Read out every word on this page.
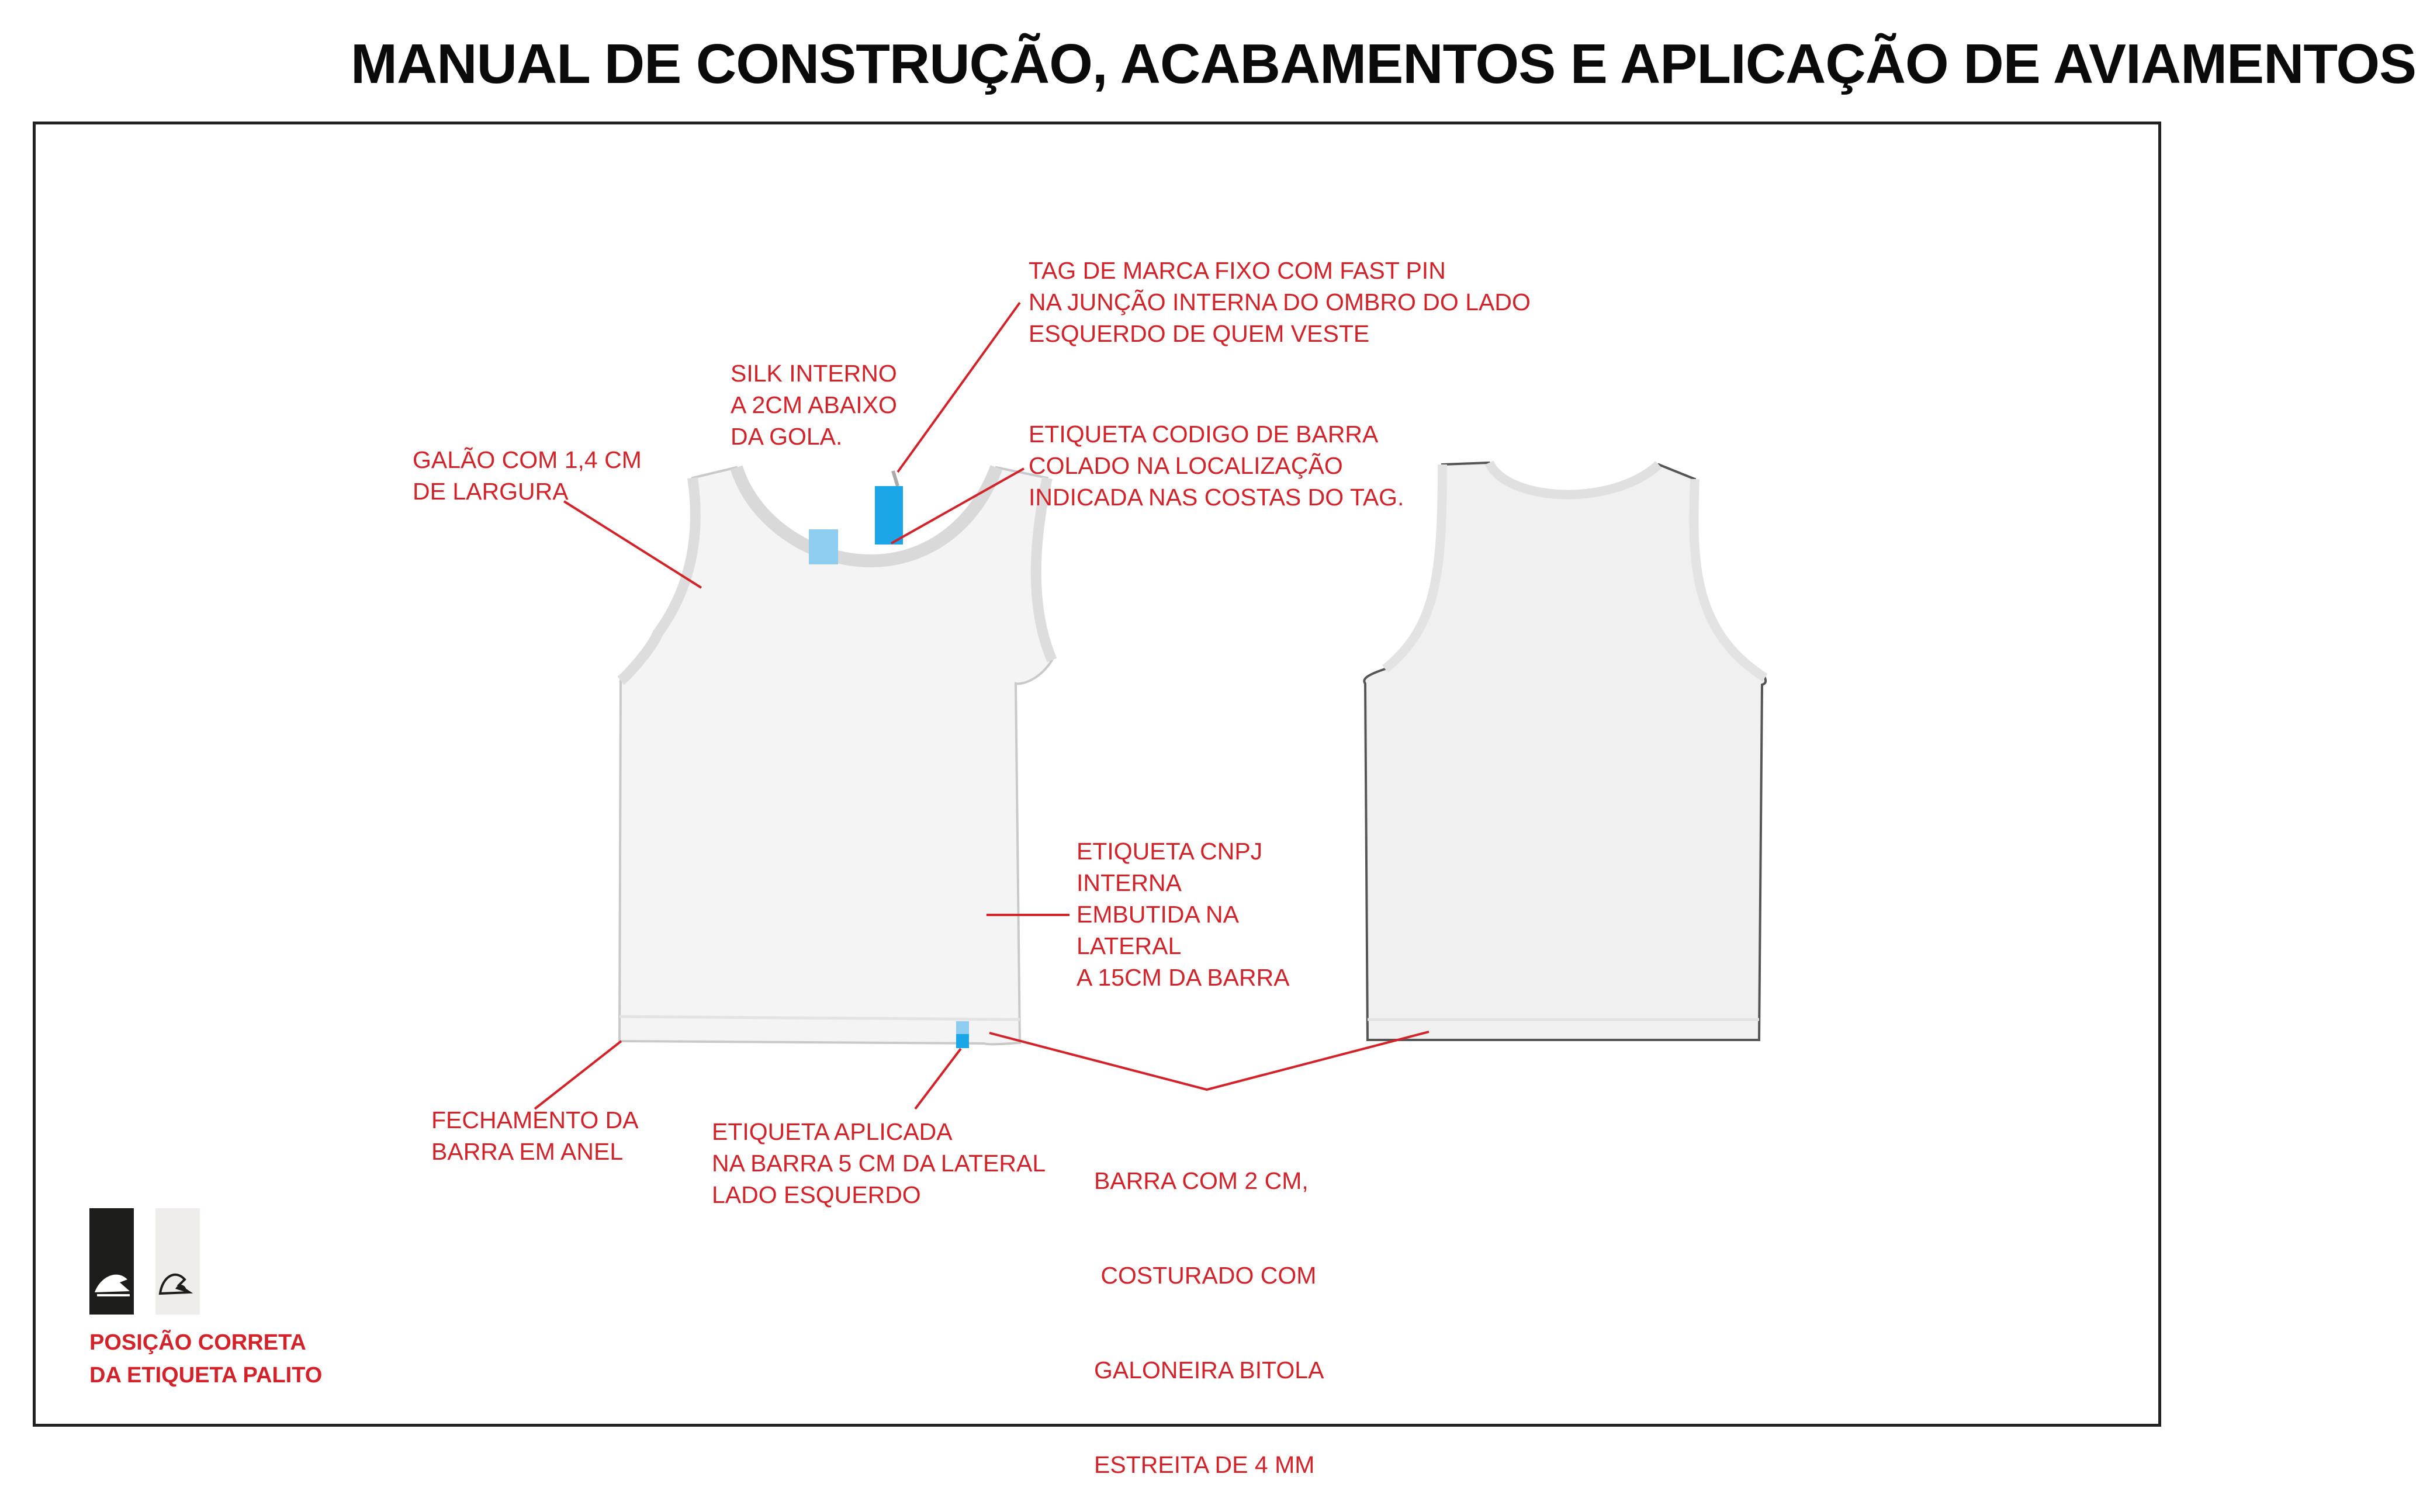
MANUAL DE CONSTRUÇÃO, ACABAMENTOS E APLICAÇÃO DE AVIAMENTOS
TAG DE MARCA FIXO COM FAST PIN
NA JUNÇÃO INTERNA DO OMBRO DO LADO
ESQUERDO DE QUEM VESTE
SILK INTERNO
A 2CM ABAIXO
DA GOLA.
GALÃO COM 1,4 CM
DE LARGURA
ETIQUETA CODIGO DE BARRA
COLADO NA LOCALIZAÇÃO
INDICADA NAS COSTAS DO TAG.
ETIQUETA CNPJ
INTERNA
EMBUTIDA NA
LATERAL
A 15CM DA BARRA
FECHAMENTO DA
BARRA EM ANEL
ETIQUETA APLICADA
NA BARRA 5 CM DA LATERAL
LADO ESQUERDO

BARRA COM 2 CM,

COSTURADO COM

GALONEIRA BITOLA

ESTREITA DE 4 MM

POSIÇÃO CORRETA
DA ETIQUETA PALITO
